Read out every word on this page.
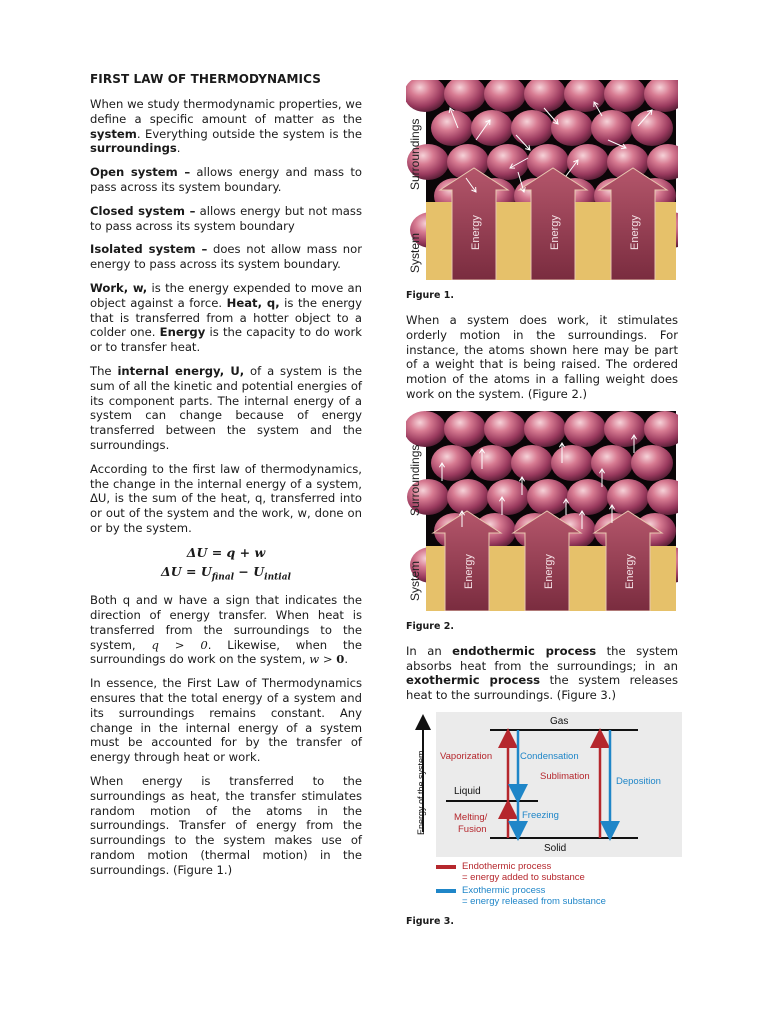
FIRST LAW OF THERMODYNAMICS

When we study thermodynamic properties, we define a specific amount of matter as the system. Everything outside the system is the surroundings.

Open system – allows energy and mass to pass across its system boundary.

Closed system – allows energy but not mass to pass across its system boundary

Isolated system – does not allow mass nor energy to pass across its system boundary.

Work, w, is the energy expended to move an object against a force. Heat, q, is the energy that is transferred from a hotter object to a colder one. Energy is the capacity to do work or to transfer heat.

The internal energy, U, of a system is the sum of all the kinetic and potential energies of its component parts. The internal energy of a system can change because of energy transferred between the system and the surroundings.

According to the first law of thermodynamics, the change in the internal energy of a system, ΔU, is the sum of the heat, q, transferred into or out of the system and the work, w, done on or by the system.

ΔU = q + w
$\Delta U = U_{final} - U_{intial}$

Both q and w have a sign that indicates the direction of energy transfer. When heat is transferred from the surroundings to the system, q > 0. Likewise, when the surroundings do work on the system, w > 0.

In essence, the First Law of Thermodynamics ensures that the total energy of a system and its surroundings remains constant. Any change in the internal energy of a system must be accounted for by the transfer of energy through heat or work.

When energy is transferred to the surroundings as heat, the transfer stimulates random motion of the atoms in the surroundings. Transfer of energy from the surroundings to the system makes use of random motion (thermal motion) in the surroundings. (Figure 1.)

Surroundings
System
Energy	Energy	Energy
Figure 1.

When a system does work, it stimulates orderly motion in the surroundings. For instance, the atoms shown here may be part of a weight that is being raised. The ordered motion of the atoms in a falling weight does work on the system. (Figure 2.)

Surroundings
System	Energy	Energy	Energy
Figure 2.

In an endothermic process the system absorbs heat from the surroundings; in an exothermic process the system releases heat to the surroundings. (Figure 3.)

Energy of the system
Gas
Liquid
Solid
Vaporization	Condensation
Sublimation	Deposition
Melting/
Fusion
Freezing
Endothermic process
= energy added to substance
Exothermic process
= energy released from substance
Figure 3.
